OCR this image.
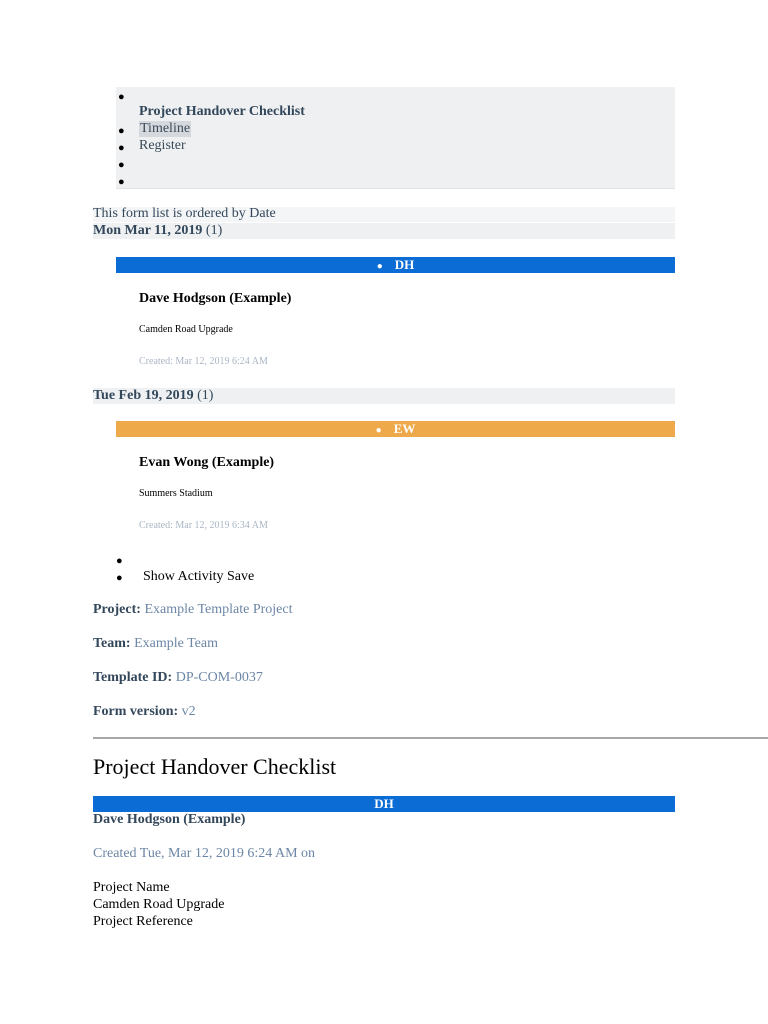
●
Project Handover Checklist
● Timeline
● Register
●
●
This form list is ordered by Date
Mon Mar 11, 2019 (1)
● DH
Dave Hodgson (Example)
Camden Road Upgrade
Created: Mar 12, 2019 6:24 AM
Tue Feb 19, 2019 (1)
● EW
Evan Wong (Example)
Summers Stadium
Created: Mar 12, 2019 6:34 AM
●
● Show Activity Save
Project: Example Template Project
Team: Example Team
Template ID: DP-COM-0037
Form version: v2
Project Handover Checklist
DH
Dave Hodgson (Example)
Created Tue, Mar 12, 2019 6:24 AM on
Project Name
Camden Road Upgrade
Project Reference
